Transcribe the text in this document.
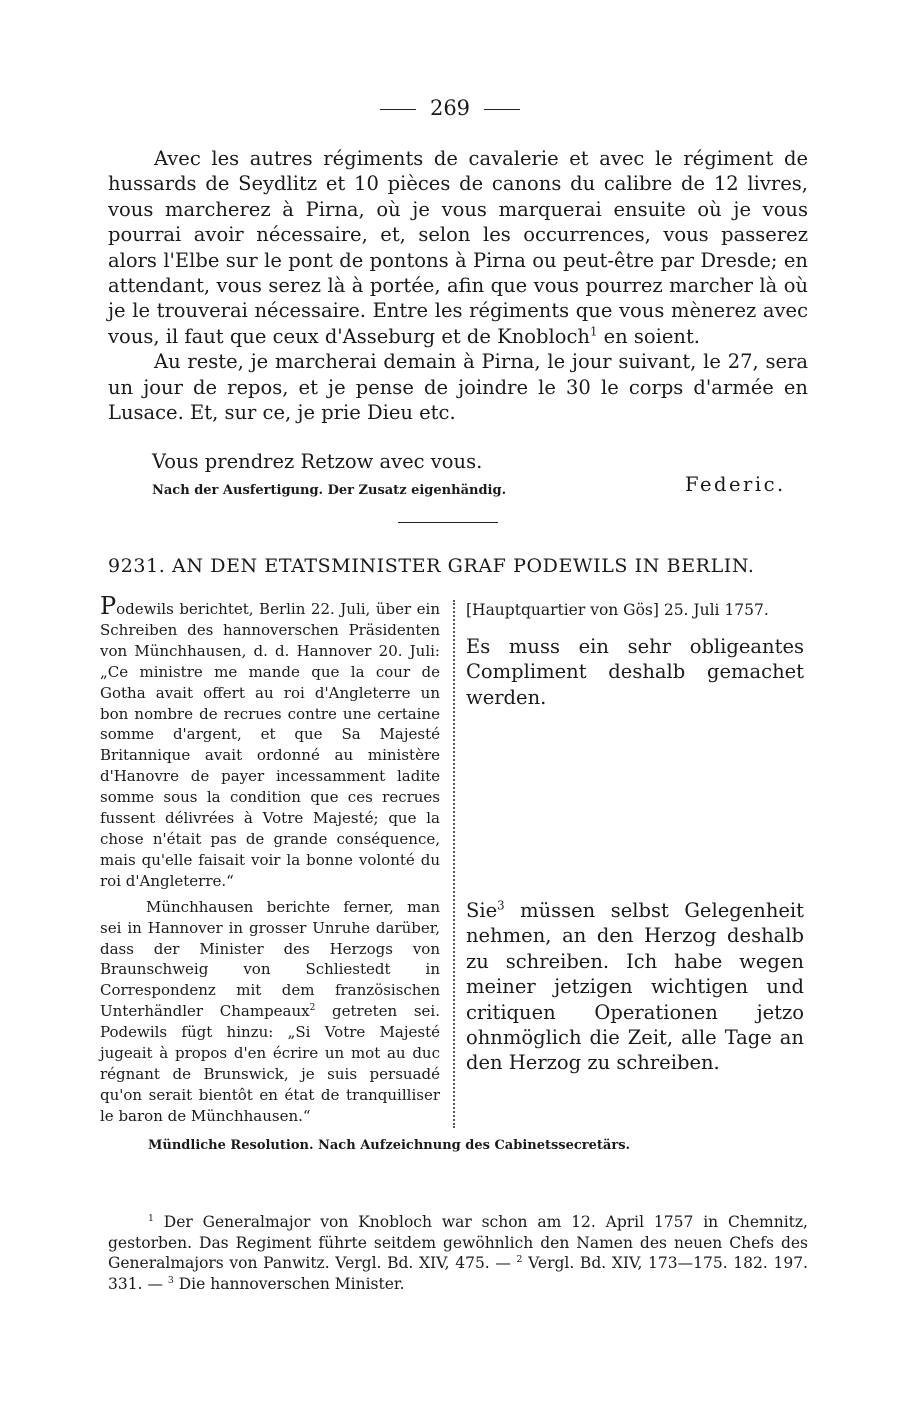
269

Avec les autres régiments de cavalerie et avec le régiment de hussards de Seydlitz et 10 pièces de canons du calibre de 12 livres, vous marcherez à Pirna, où je vous marquerai ensuite où je vous pourrai avoir nécessaire, et, selon les occurrences, vous passerez alors l'Elbe sur le pont de pontons à Pirna ou peut-être par Dresde; en attendant, vous serez là à portée, afin que vous pourrez marcher là où je le trouverai nécessaire. Entre les régiments que vous mènerez avec vous, il faut que ceux d'Asseburg et de Knobloch$^1$ en soient.

Au reste, je marcherai demain à Pirna, le jour suivant, le 27, sera un jour de repos, et je pense de joindre le 30 le corps d'armée en Lusace. Et, sur ce, je prie Dieu etc.

Vous prendrez Retzow avec vous.
Nach der Ausfertigung. Der Zusatz eigenhändig.	Federic.
9231. AN DEN ETATSMINISTER GRAF PODEWILS IN BERLIN.

Podewils berichtet, Berlin 22. Juli, über ein Schreiben des hannoverschen Präsidenten von Münchhausen, d. d. Hannover 20. Juli: „Ce ministre me mande que la cour de Gotha avait offert au roi d'Angleterre un bon nombre de recrues contre une certaine somme d'argent, et que Sa Majesté Britannique avait ordonné au ministère d'Hanovre de payer incessamment ladite somme sous la condition que ces recrues fussent délivrées à Votre Majesté; que la chose n'était pas de grande conséquence, mais qu'elle faisait voir la bonne volonté du roi d'Angleterre.“

Münchhausen berichte ferner, man sei in Hannover in grosser Unruhe darüber, dass der Minister des Herzogs von Braunschweig von Schliestedt in Correspondenz mit dem französischen Unterhändler Champeaux$^2$ getreten sei. Podewils fügt hinzu: „Si Votre Majesté jugeait à propos d'en écrire un mot au duc régnant de Brunswick, je suis persuadé qu'on serait bientôt en état de tranquilliser le baron de Münchhausen.“

[Hauptquartier von Gös] 25. Juli 1757.

Es muss ein sehr obligeantes Compliment deshalb gemachet werden.

Sie$^3$ müssen selbst Gelegenheit nehmen, an den Herzog deshalb zu schreiben. Ich habe wegen meiner jetzigen wichtigen und critiquen Operationen jetzo ohnmöglich die Zeit, alle Tage an den Herzog zu schreiben.

Mündliche Resolution. Nach Aufzeichnung des Cabinetssecretärs.

$^1$ Der Generalmajor von Knobloch war schon am 12. April 1757 in Chemnitz, gestorben. Das Regiment führte seitdem gewöhnlich den Namen des neuen Chefs des Generalmajors von Panwitz. Vergl. Bd. XIV, 475. — $^2$ Vergl. Bd. XIV, 173—175. 182. 197. 331. — $^3$ Die hannoverschen Minister.
